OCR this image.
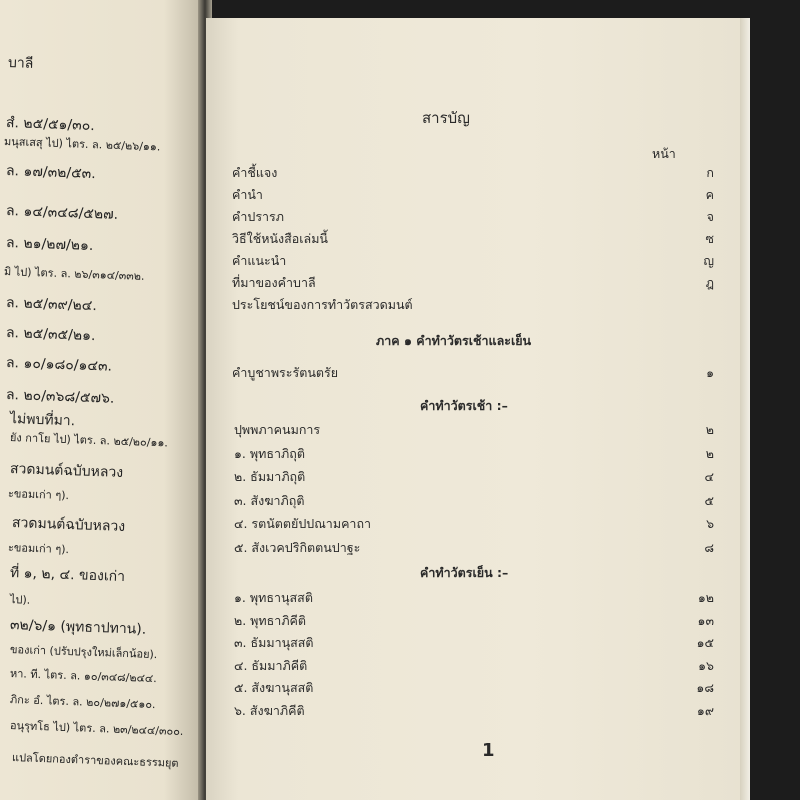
บาลี
สํ. ๒๕/๕๑/๓๐.
มนุสเสสุ ไป) ไตร. ล. ๒๕/๒๖/๑๑.
ล. ๑๗/๓๒/๕๓.
ล. ๑๔/๓๔๘/๕๒๗.
ล. ๒๑/๒๗/๒๑.
มิ ไป) ไตร. ล. ๒๖/๓๑๔/๓๓๒.
ล. ๒๕/๓๙/๒๔.
ล. ๒๕/๓๕/๒๑.
ล. ๑๐/๑๘๐/๑๔๓.
ล. ๒๐/๓๖๘/๕๗๖.
ไม่พบที่มา.
ยัง กาโย ไป) ไตร. ล. ๒๕/๒๐/๑๑.
สวดมนต์ฉบับหลวง
ะขอมเก่า ๆ).
สวดมนต์ฉบับหลวง
ะขอมเก่า ๆ).
ที่ ๑, ๒, ๔. ของเก่า
ไป).
๓๒/๖/๑ (พุทธาปทาน).
ของเก่า (ปรับปรุงใหม่เล็กน้อย).
หา. ที. ไตร. ล. ๑๐/๓๔๘/๒๔๔.
ภิกะ อํ. ไตร. ล. ๒๐/๒๗๑/๕๑๐.
อนุรุทโธ ไป) ไตร. ล. ๒๓/๒๔๔/๓๐๐.
แปลโดยกองตำราของคณะธรรมยุต
สารบัญ
หน้า
คำชี้แจง	ก
คำนำ	ค
คำปรารภ	จ
วิธีใช้หนังสือเล่มนี้	ซ
คำแนะนำ	ญ
ที่มาของคำบาลี	ฎ
ประโยชน์ของการทำวัตรสวดมนต์
ภาค ๑ คำทำวัตรเช้าและเย็น
คำบูชาพระรัตนตรัย	๑
คำทำวัตรเช้า :–
ปุพพภาคนมการ	๒
๑. พุทธาภิถุติ	๒
๒. ธัมมาภิถุติ	๔
๓. สังฆาภิถุติ	๕
๔. รตนัตตยัปปณามคาถา	๖
๕. สังเวคปริกิตตนปาฐะ	๘
คำทำวัตรเย็น :–
๑. พุทธานุสสติ	๑๒
๒. พุทธาภิคีติ	๑๓
๓. ธัมมานุสสติ	๑๕
๔. ธัมมาภิคีติ	๑๖
๕. สังฆานุสสติ	๑๘
๖. สังฆาภิคีติ	๑๙
1
